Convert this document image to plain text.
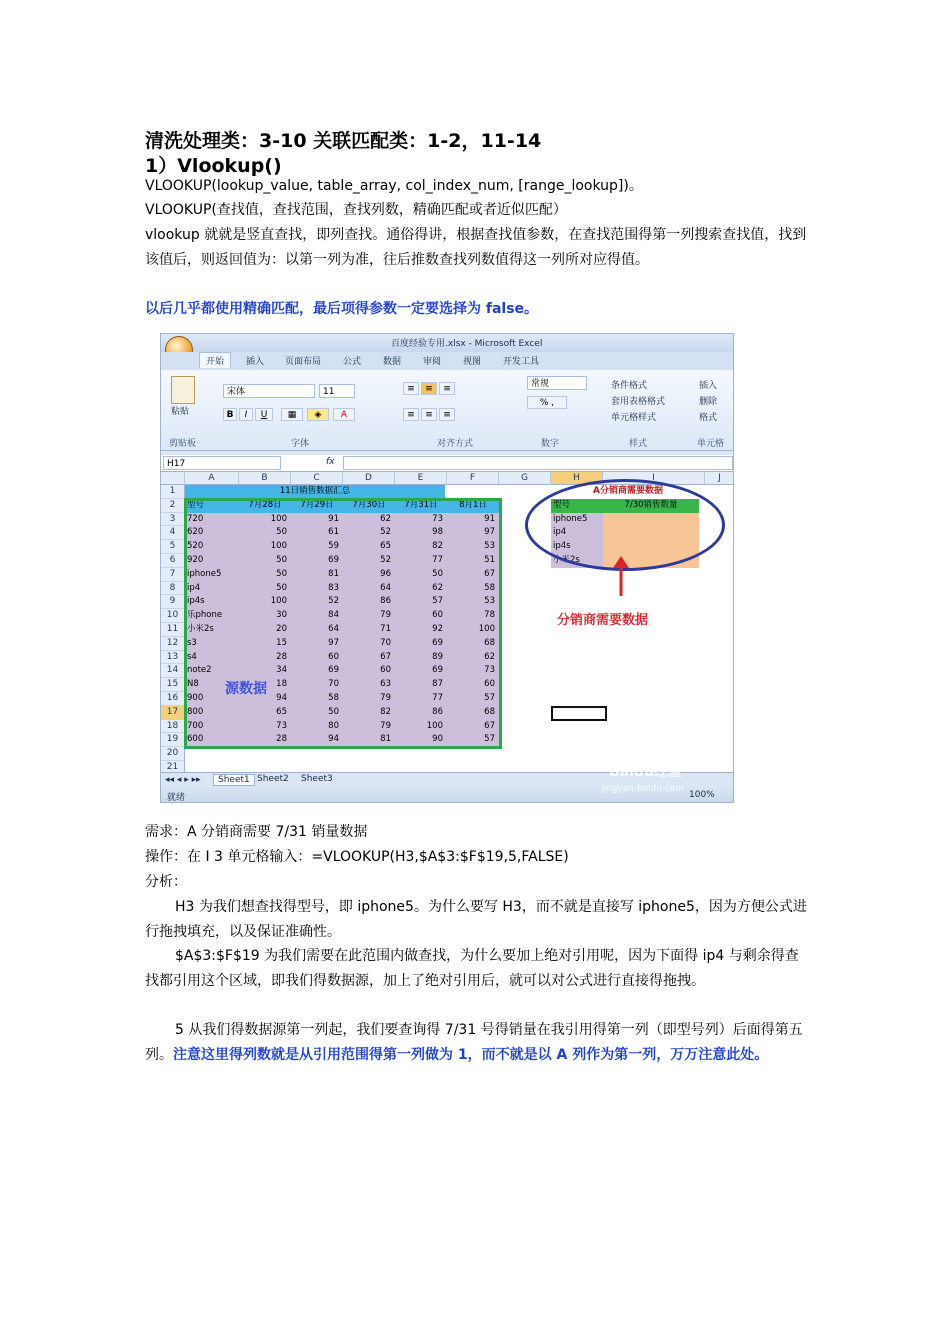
清洗处理类：3-10 关联匹配类：1-2，11-14
1）Vlookup()
VLOOKUP(lookup_value, table_array, col_index_num, [range_lookup])。
VLOOKUP(查找值，查找范围，查找列数，精确匹配或者近似匹配）
vlookup 就就是竖直查找，即列查找。通俗得讲，根据查找值参数，在查找范围得第一列搜索查找值，找到该值后，则返回值为：以第一列为准，往后推数查找列数值得这一列所对应得值。
以后几乎都使用精确匹配，最后项得参数一定要选择为 false。
百度经验专用.xlsx - Microsoft Excel
开始	插入 页面布局 公式 数据 审阅 视图 开发工具
粘贴
宋体	11
B	I	U	▦	◈	A
≡	≡	≡
≡	≡	≡
常规
% ,
条件格式
套用表格格式
单元格样式
插入
删除
格式
剪贴板	字体	对齐方式	数字	样式	单元格
H17	fx
A	B	C	D	E	F	G	H	I	J
1
2
3
4
5
6
7
8
9
10
11
12
13
14
15
16
17
18
19
20
21
11日销售数据汇总
型号	7月28日	7月29日	7月30日	7月31日	8月1日
720	100	91	62	73	91
620	50	61	52	98	97
520	100	59	65	82	53
920	50	69	52	77	51
iphone5	50	81	96	50	67
ip4	50	83	64	62	58
ip4s	100	52	86	57	53
乐phone	30	84	79	60	78
小米2s	20	64	71	92	100
s3	15	97	70	69	68
s4	28	60	67	89	62
note2	34	69	60	69	73
N8	18	70	63	87	60
900	94	58	79	77	57
800	65	50	82	86	68
700	73	80	79	100	67
600	28	94	81	90	57
源数据
A分销商需要数据
型号	7/30销售数量
iphone5
ip4
ip4s
小米2s
分销商需要数据
◂◂ ◂ ▸ ▸▸	Sheet1 Sheet2 Sheet3	Baidu经验
就绪
jingyan.baidu.com
100%
需求：A 分销商需要 7/31 销量数据
操作：在 I 3 单元格输入：=VLOOKUP(H3,$A$3:$F$19,5,FALSE)
分析：
H3 为我们想查找得型号，即 iphone5。为什么要写 H3，而不就是直接写 iphone5，因为方便公式进行拖拽填充，以及保证准确性。
$A$3:$F$19 为我们需要在此范围内做查找，为什么要加上绝对引用呢，因为下面得 ip4 与剩余得查找都引用这个区域，即我们得数据源，加上了绝对引用后，就可以对公式进行直接得拖拽。
5 从我们得数据源第一列起，我们要查询得 7/31 号得销量在我引用得第一列（即型号列）后面得第五列。注意这里得列数就是从引用范围得第一列做为 1，而不就是以 A 列作为第一列，万万注意此处。
